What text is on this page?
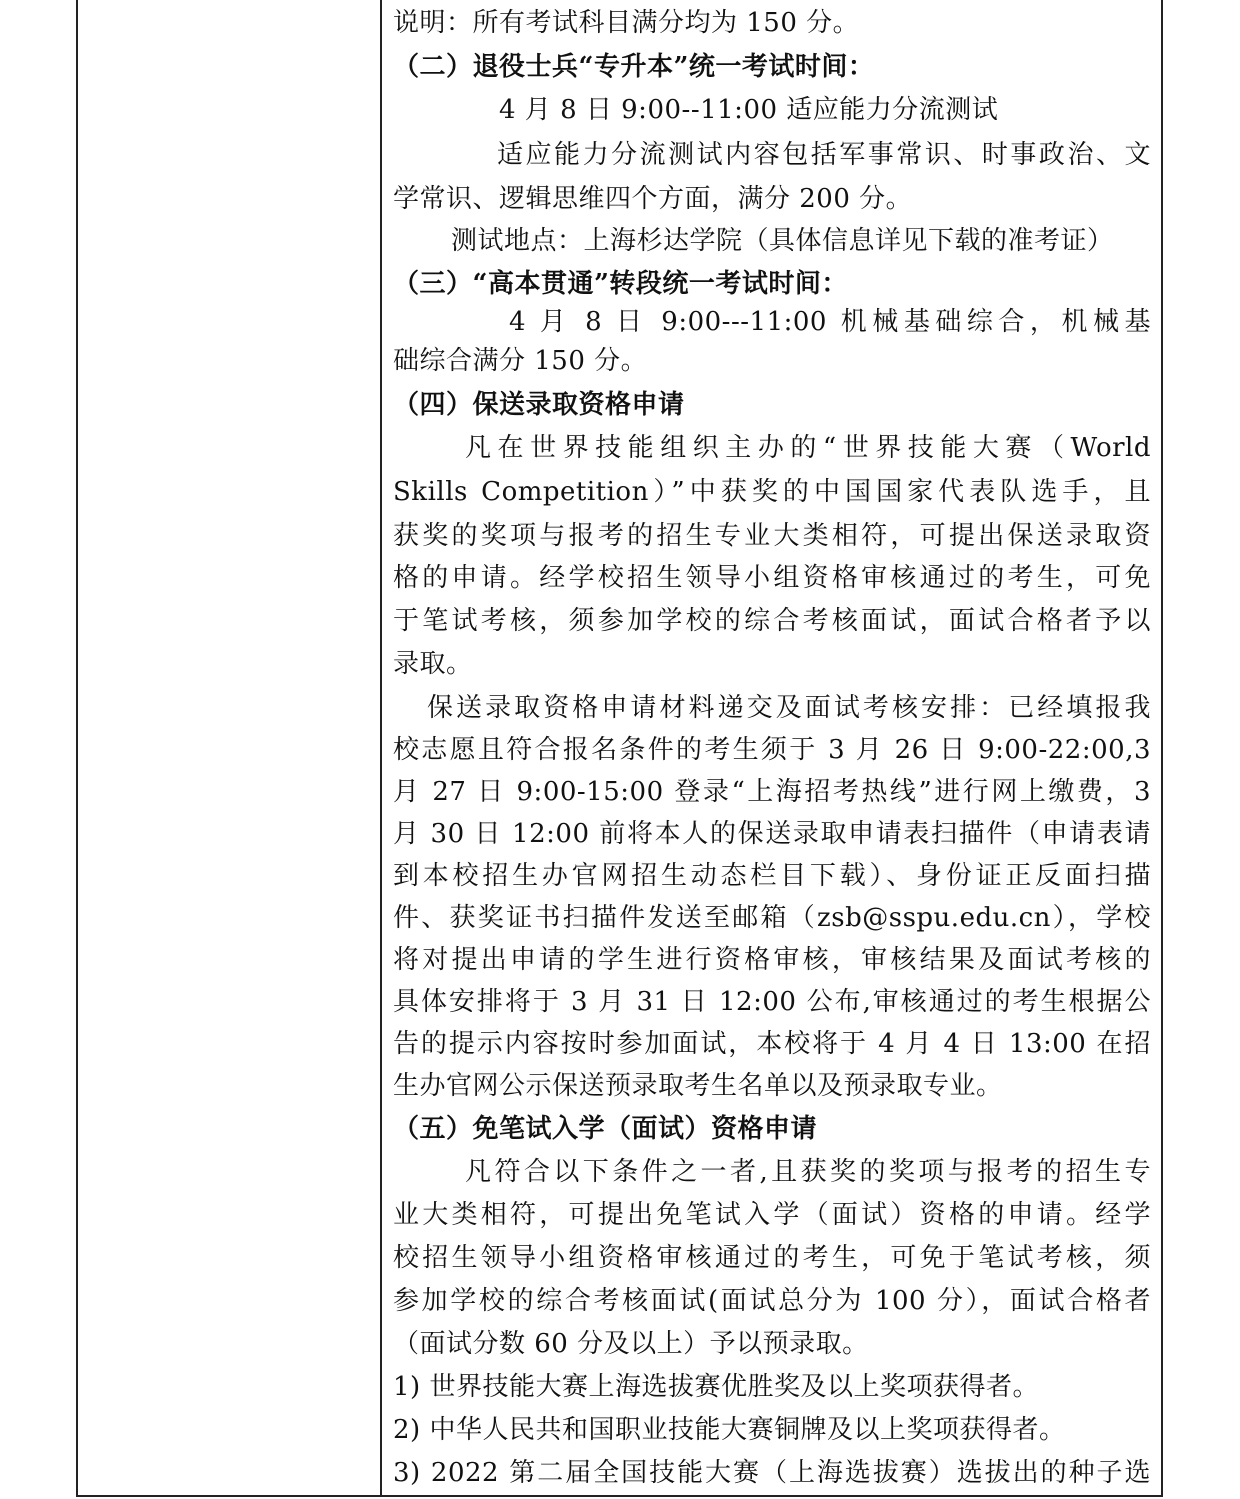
说明：所有考试科目满分均为 150 分。
（二）退役士兵“专升本”统一考试时间：
4 月 8 日 9:00--11:00 适应能力分流测试
适应能力分流测试内容包括军事常识、时事政治、文
学常识、逻辑思维四个方面，满分 200 分。
测试地点：上海杉达学院（具体信息详见下载的准考证）
（三）“高本贯通”转段统一考试时间：
4 月 8 日 9:00---11:00 机械基础综合，机械基
础综合满分 150 分。
（四）保送录取资格申请
凡在世界技能组织主办的“世界技能大赛（World
Skills Competition）”中获奖的中国国家代表队选手，且
获奖的奖项与报考的招生专业大类相符，可提出保送录取资
格的申请。经学校招生领导小组资格审核通过的考生，可免
于笔试考核，须参加学校的综合考核面试，面试合格者予以
录取。
保送录取资格申请材料递交及面试考核安排：已经填报我
校志愿且符合报名条件的考生须于 3 月 26 日 9:00-22:00,3
月 27 日 9:00-15:00 登录“上海招考热线”进行网上缴费，3
月 30 日 12:00 前将本人的保送录取申请表扫描件（申请表请
到本校招生办官网招生动态栏目下载）、身份证正反面扫描
件、获奖证书扫描件发送至邮箱（zsb@sspu.edu.cn），学校
将对提出申请的学生进行资格审核，审核结果及面试考核的
具体安排将于 3 月 31 日 12:00 公布,审核通过的考生根据公
告的提示内容按时参加面试，本校将于 4 月 4 日 13:00 在招
生办官网公示保送预录取考生名单以及预录取专业。
（五）免笔试入学（面试）资格申请
凡符合以下条件之一者,且获奖的奖项与报考的招生专
业大类相符，可提出免笔试入学（面试）资格的申请。经学
校招生领导小组资格审核通过的考生，可免于笔试考核，须
参加学校的综合考核面试(面试总分为 100 分），面试合格者
（面试分数 60 分及以上）予以预录取。
1) 世界技能大赛上海选拔赛优胜奖及以上奖项获得者。
2) 中华人民共和国职业技能大赛铜牌及以上奖项获得者。
3) 2022 第二届全国技能大赛（上海选拔赛）选拔出的种子选
